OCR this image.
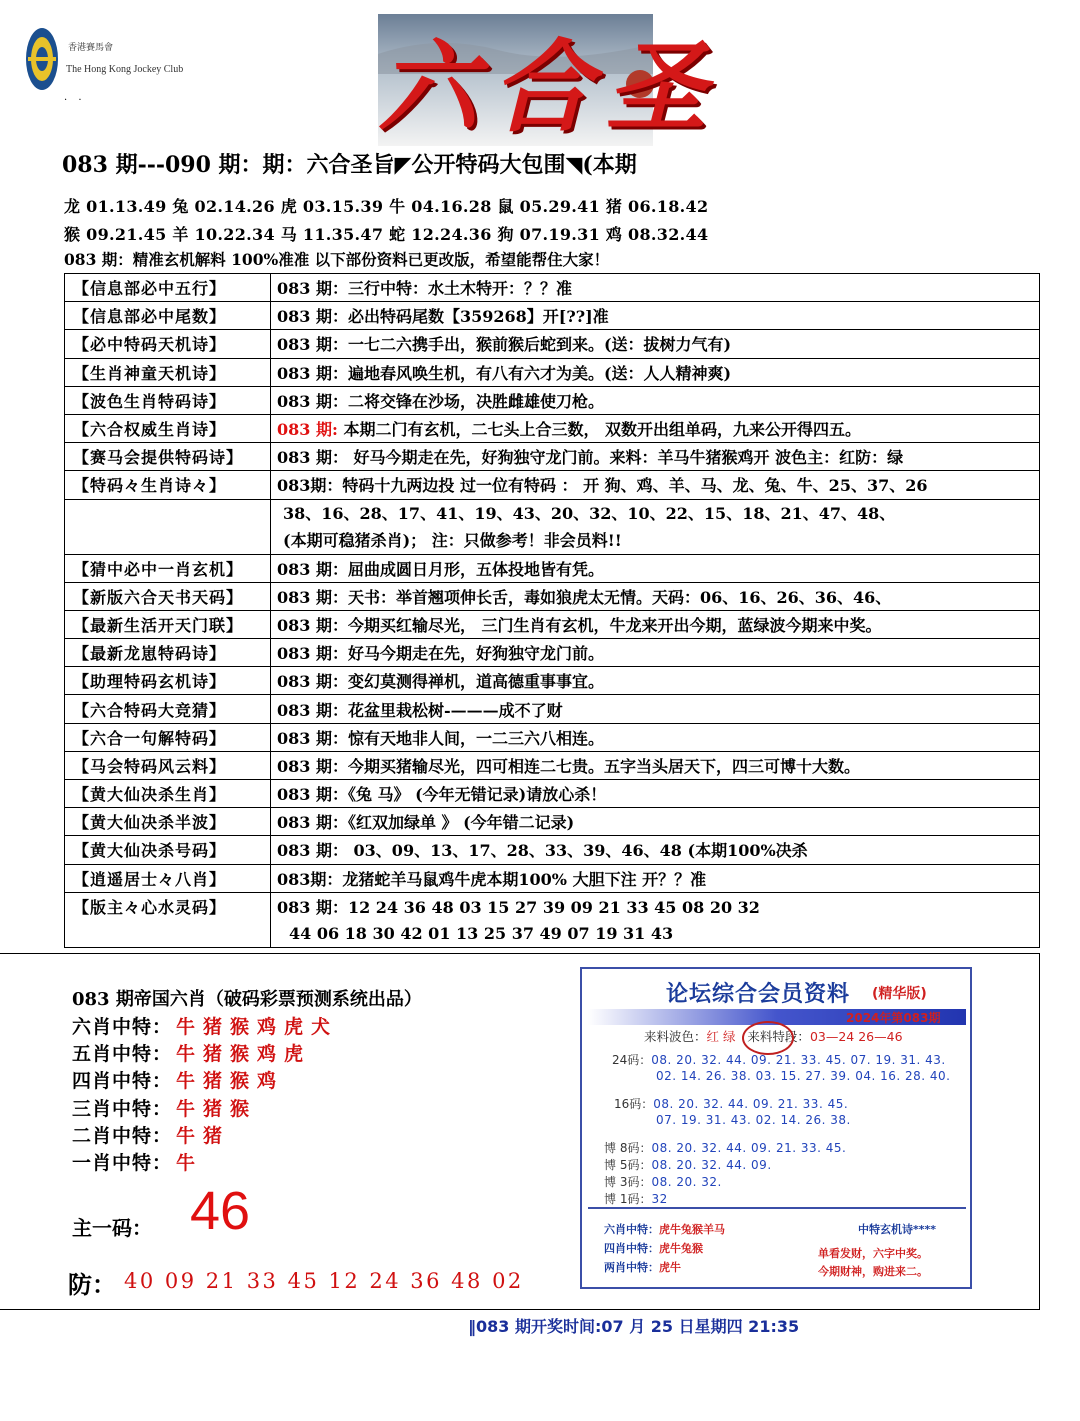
香港賽馬會
The Hong Kong Jockey Club
. .	六合圣
083 期---090 期：期：六合圣旨◤公开特码大包围◥(本期
龙 01.13.49 兔 02.14.26 虎 03.15.39 牛 04.16.28 鼠 05.29.41 猪 06.18.42
猴 09.21.45 羊 10.22.34 马 11.35.47 蛇 12.24.36 狗 07.19.31 鸡 08.32.44
083 期：精准玄机解料 100%准准 以下部份资料已更改版，希望能帮住大家！
【信息部必中五行】	083 期：三行中特：水土木特开：？？准
【信息部必中尾数】	083 期：必出特码尾数【359268】开[??]准
【必中特码天机诗】	083 期：一七二六携手出，猴前猴后蛇到来。(送：拔树力气有)
【生肖神童天机诗】	083 期：遍地春风唤生机，有八有六才为美。(送：人人精神爽)
【波色生肖特码诗】	083 期：二将交锋在沙场，决胜雌雄使刀枪。
【六合权威生肖诗】	083 期: 本期二门有玄机，二七头上合三数， 双数开出组单码，九来公开得四五。
【赛马会提供特码诗】	083 期： 好马今期走在先，好狗独守龙门前。来料：羊马牛猪猴鸡开 波色主：红防：绿
【特码々生肖诗々】	083期：特码十九两边投 过一位有特码 ： 开 狗、鸡、羊、马、龙、兔、牛、25、37、26

	38、16、28、17、41、19、43、20、32、10、22、15、18、21、47、48、
(本期可稳猪杀肖)； 注：只做参考！非会员料!!

【猜中必中一肖玄机】	083 期：屈曲成圆日月形，五体投地皆有凭。
【新版六合天书天码】	083 期：天书：举首翘项伸长舌，毒如狼虎太无情。天码：06、16、26、36、46、
【最新生活开天门联】	083 期：今期买红输尽光， 三门生肖有玄机，牛龙来开出今期，蓝绿波今期来中奖。
【最新龙崽特码诗】	083 期：好马今期走在先，好狗独守龙门前。
【助理特码玄机诗】	083 期：变幻莫测得禅机，道高德重事事宜。
【六合特码大竞猜】	083 期：花盆里栽松树-———成不了财
【六合一句解特码】	083 期：惊有天地非人间，一二三六八相连。
【马会特码风云料】	083 期：今期买猪输尽光，四可相连二七贵。五字当头居天下，四三可博十大数。
【黄大仙决杀生肖】	083 期：《兔 马》 (今年无错记录)请放心杀！
【黄大仙决杀半波】	083 期：《红双加绿单 》 (今年错二记录)
【黄大仙决杀号码】	083 期： 03、09、13、17、28、33、39、46、48 (本期100%决杀
【逍遥居士々八肖】	083期：龙猪蛇羊马鼠鸡牛虎本期100% 大胆下注 开？？准
【版主々心水灵码】	083 期：12 24 36 48 03 15 27 39 09 21 33 45 08 20 32
	44 06 18 30 42 01 13 25 37 49 07 19 31 43
083 期帝国六肖（破码彩票预测系统出品）
六肖中特： 牛猪猴鸡虎犬
五肖中特： 牛猪猴鸡虎
四肖中特： 牛猪猴鸡
三肖中特： 牛猪猴
二肖中特： 牛猪
一肖中特： 牛
主一码： 46
防： 40 09 21 33 45 12 24 36 48 02
论坛综合会员资料 (精华版)
2024年第083期
来料波色：红 绿 来料特段：03—24 26—46
24码：08. 20. 32. 44. 09. 21. 33. 45. 07. 19. 31. 43.
02. 14. 26. 38. 03. 15. 27. 39. 04. 16. 28. 40.
16码：08. 20. 32. 44. 09. 21. 33. 45.
07. 19. 31. 43. 02. 14. 26. 38.
博 8码：08. 20. 32. 44. 09. 21. 33. 45.
博 5码：08. 20. 32. 44. 09.
博 3码：08. 20. 32.
博 1码：32
六肖中特：虎牛兔猴羊马
四肖中特：虎牛兔猴
两肖中特：虎牛
中特玄机诗****
单看发财，六字中奖。
今期财神，购进来二。
‖083 期开奖时间:07 月 25 日星期四 21:35
